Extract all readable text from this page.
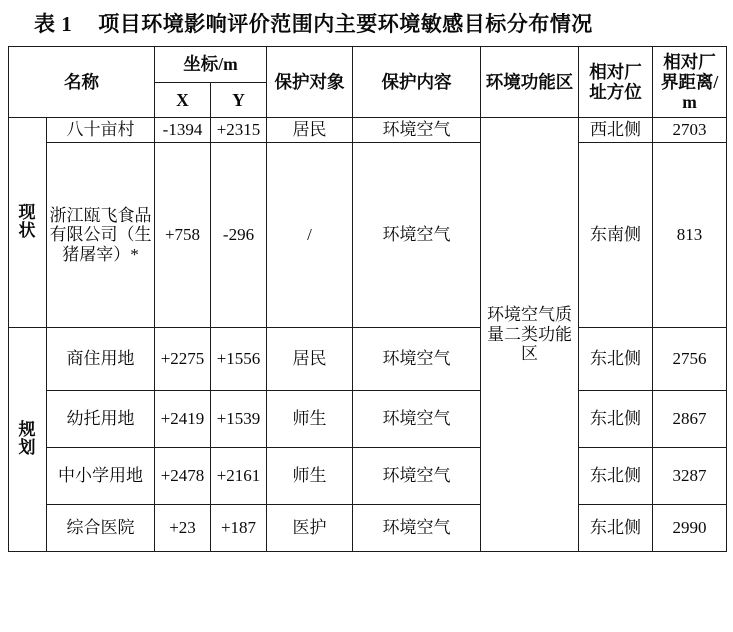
表 1 项目环境影响评价范围内主要环境敏感目标分布情况
名称		坐标/m		保护对象	保护内容	环境功能区	相对厂址方位	相对厂界距离/m
		X	Y					
现状	八十亩村	-1394	+2315	居民	环境空气	环境空气质量二类功能区	西北侧	2703
	浙江瓯飞食品有限公司（生猪屠宰）*	+758	-296	/	环境空气		东南侧	813
规划	商住用地	+2275	+1556	居民	环境空气		东北侧	2756
	幼托用地	+2419	+1539	师生	环境空气		东北侧	2867
	中小学用地	+2478	+2161	师生	环境空气		东北侧	3287
	综合医院	+23	+187	医护	环境空气		东北侧	2990
